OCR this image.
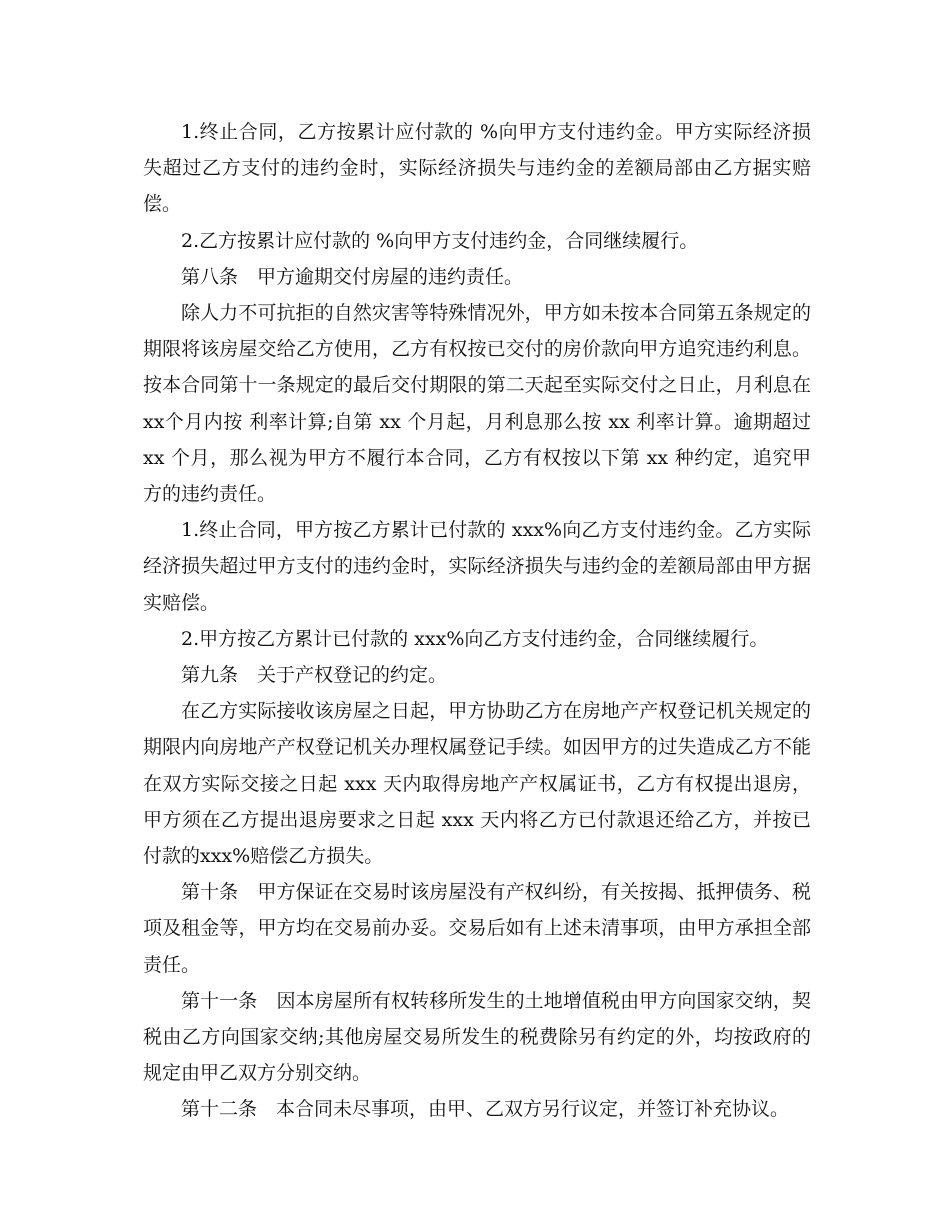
1.终止合同，乙方按累计应付款的 %向甲方支付违约金。甲方实际经济损失超过乙方支付的违约金时，实际经济损失与违约金的差额局部由乙方据实赔偿。

2.乙方按累计应付款的 %向甲方支付违约金，合同继续履行。

第八条　甲方逾期交付房屋的违约责任。

除人力不可抗拒的自然灾害等特殊情况外，甲方如未按本合同第五条规定的期限将该房屋交给乙方使用，乙方有权按已交付的房价款向甲方追究违约利息。按本合同第十一条规定的最后交付期限的第二天起至实际交付之日止，月利息在xx个月内按 利率计算;自第 xx 个月起，月利息那么按 xx 利率计算。逾期超过 xx 个月，那么视为甲方不履行本合同，乙方有权按以下第 xx 种约定，追究甲方的违约责任。

1.终止合同，甲方按乙方累计已付款的 xxx%向乙方支付违约金。乙方实际经济损失超过甲方支付的违约金时，实际经济损失与违约金的差额局部由甲方据实赔偿。

2.甲方按乙方累计已付款的 xxx%向乙方支付违约金，合同继续履行。

第九条　关于产权登记的约定。

在乙方实际接收该房屋之日起，甲方协助乙方在房地产产权登记机关规定的期限内向房地产产权登记机关办理权属登记手续。如因甲方的过失造成乙方不能在双方实际交接之日起 xxx 天内取得房地产产权属证书，乙方有权提出退房，甲方须在乙方提出退房要求之日起 xxx 天内将乙方已付款退还给乙方，并按已付款的xxx%赔偿乙方损失。

第十条　甲方保证在交易时该房屋没有产权纠纷，有关按揭、抵押债务、税项及租金等，甲方均在交易前办妥。交易后如有上述未清事项，由甲方承担全部责任。

第十一条　因本房屋所有权转移所发生的土地增值税由甲方向国家交纳，契税由乙方向国家交纳;其他房屋交易所发生的税费除另有约定的外，均按政府的规定由甲乙双方分别交纳。

第十二条　本合同未尽事项，由甲、乙双方另行议定，并签订补充协议。
